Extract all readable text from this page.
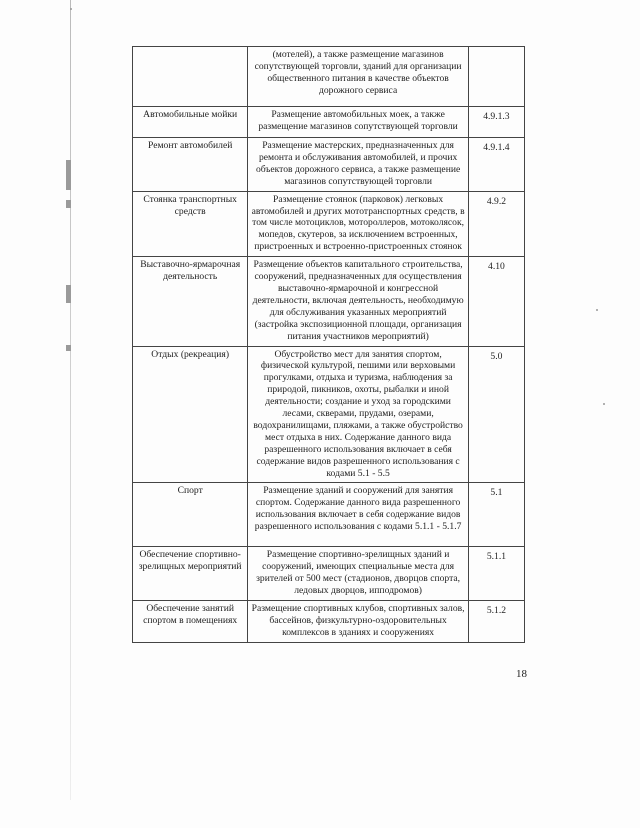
	(мотелей), а также размещение магазинов сопутствующей торговли, зданий для организации общественного питания в качестве объектов дорожного сервиса	
Автомобильные мойки	Размещение автомобильных моек, а также размещение магазинов сопутствующей торговли	4.9.1.3
Ремонт автомобилей	Размещение мастерских, предназначенных для ремонта и обслуживания автомобилей, и прочих объектов дорожного сервиса, а также размещение магазинов сопутствующей торговли	4.9.1.4
Стоянка транспортных средств	Размещение стоянок (парковок) легковых автомобилей и других мототранспортных средств, в том числе мотоциклов, мотороллеров, мотоколясок, мопедов, скутеров, за исключением встроенных, пристроенных и встроенно-пристроенных стоянок	4.9.2
Выставочно-ярмарочная деятельность	Размещение объектов капитального строительства, сооружений, предназначенных для осуществления выставочно-ярмарочной и конгрессной деятельности, включая деятельность, необходимую для обслуживания указанных мероприятий (застройка экспозиционной площади, организация питания участников мероприятий)	4.10
Отдых (рекреация)	Обустройство мест для занятия спортом, физической культурой, пешими или верховыми прогулками, отдыха и туризма, наблюдения за природой, пикников, охоты, рыбалки и иной деятельности; создание и уход за городскими лесами, скверами, прудами, озерами, водохранилищами, пляжами, а также обустройство мест отдыха в них. Содержание данного вида разрешенного использования включает в себя содержание видов разрешенного использования с кодами 5.1 - 5.5	5.0
Спорт	Размещение зданий и сооружений для занятия спортом. Содержание данного вида разрешенного использования включает в себя содержание видов разрешенного использования с кодами 5.1.1 - 5.1.7	5.1
Обеспечение спортивно-зрелищных мероприятий	Размещение спортивно-зрелищных зданий и сооружений, имеющих специальные места для зрителей от 500 мест (стадионов, дворцов спорта, ледовых дворцов, ипподромов)	5.1.1
Обеспечение занятий спортом в помещениях	Размещение спортивных клубов, спортивных залов, бассейнов, физкультурно-оздоровительных комплексов в зданиях и сооружениях	5.1.2
18
